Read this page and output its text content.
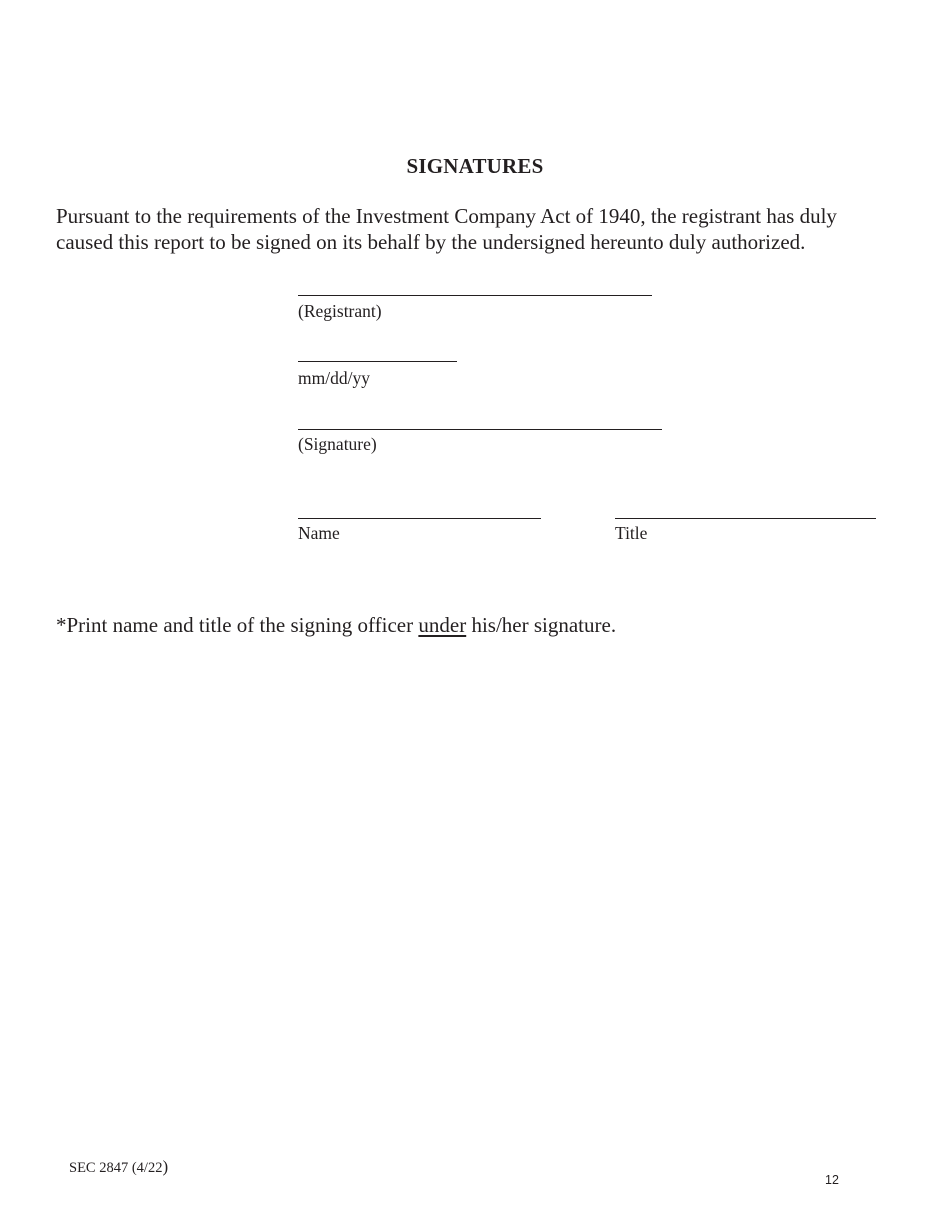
SIGNATURES
Pursuant to the requirements of the Investment Company Act of 1940, the registrant has duly
caused this report to be signed on its behalf by the undersigned hereunto duly authorized.
(Registrant)
mm/dd/yy
(Signature)
Name	Title
*Print name and title of the signing officer under his/her signature.
SEC 2847 (4/22)
12
